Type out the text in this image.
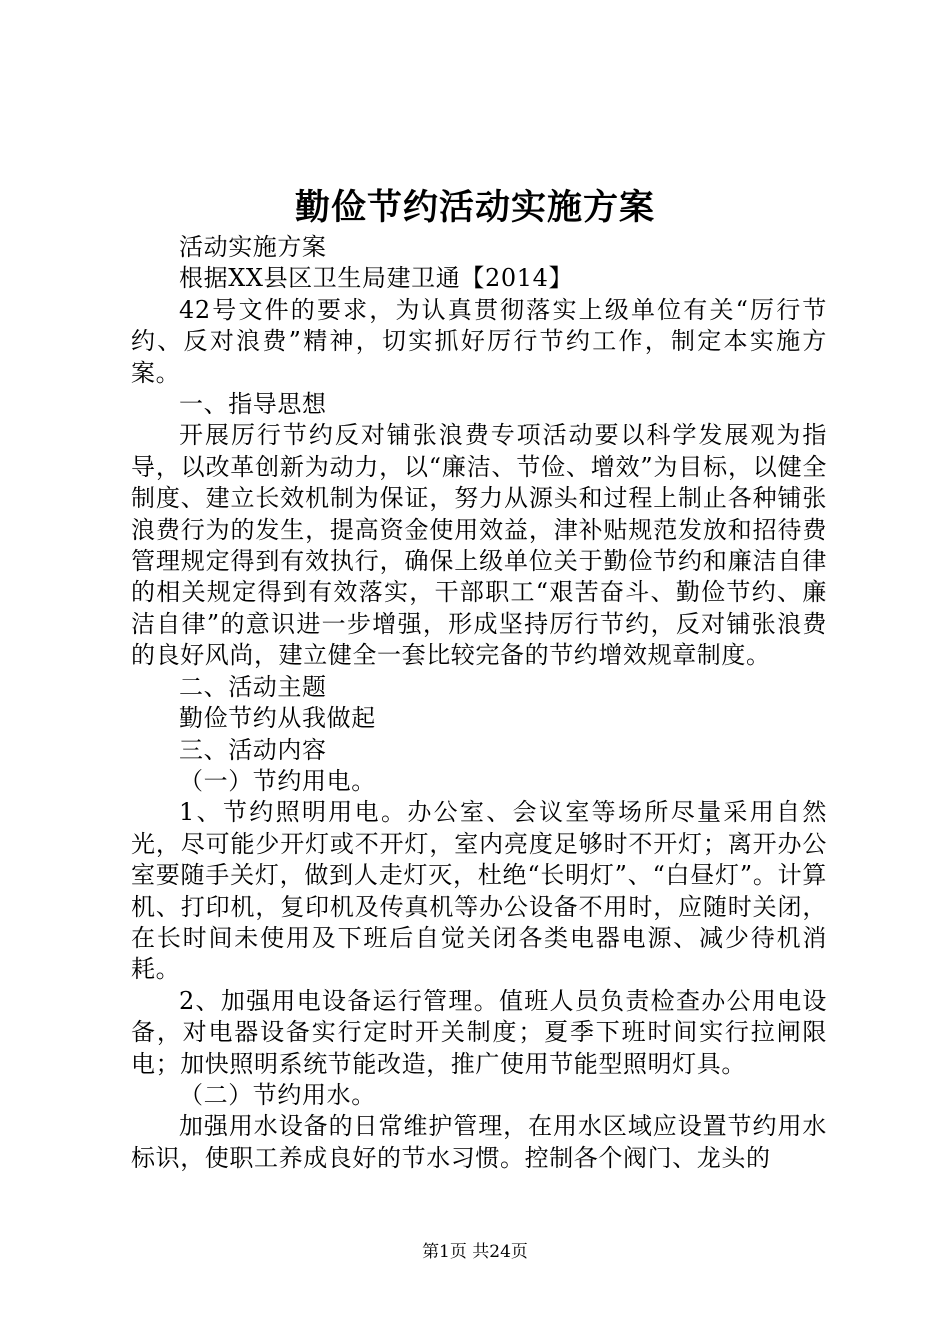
勤俭节约活动实施方案

活动实施方案

根据XX县区卫生局建卫通【2014】

42号文件的要求，为认真贯彻落实上级单位有关“厉行节约、反对浪费”精神，切实抓好厉行节约工作，制定本实施方案。

一、指导思想

开展厉行节约反对铺张浪费专项活动要以科学发展观为指导，以改革创新为动力，以“廉洁、节俭、增效”为目标，以健全制度、建立长效机制为保证，努力从源头和过程上制止各种铺张浪费行为的发生，提高资金使用效益，津补贴规范发放和招待费管理规定得到有效执行，确保上级单位关于勤俭节约和廉洁自律的相关规定得到有效落实，干部职工“艰苦奋斗、勤俭节约、廉洁自律”的意识进一步增强，形成坚持厉行节约，反对铺张浪费的良好风尚，建立健全一套比较完备的节约增效规章制度。

二、活动主题

勤俭节约从我做起

三、活动内容

（一）节约用电。

1、节约照明用电。办公室、会议室等场所尽量采用自然光，尽可能少开灯或不开灯，室内亮度足够时不开灯；离开办公室要随手关灯，做到人走灯灭，杜绝“长明灯”、“白昼灯”。计算机、打印机，复印机及传真机等办公设备不用时，应随时关闭，在长时间未使用及下班后自觉关闭各类电器电源、减少待机消耗。

2、加强用电设备运行管理。值班人员负责检查办公用电设备，对电器设备实行定时开关制度；夏季下班时间实行拉闸限电；加快照明系统节能改造，推广使用节能型照明灯具。

（二）节约用水。

加强用水设备的日常维护管理，在用水区域应设置节约用水标识，使职工养成良好的节水习惯。控制各个阀门、龙头的

第1页 共24页
